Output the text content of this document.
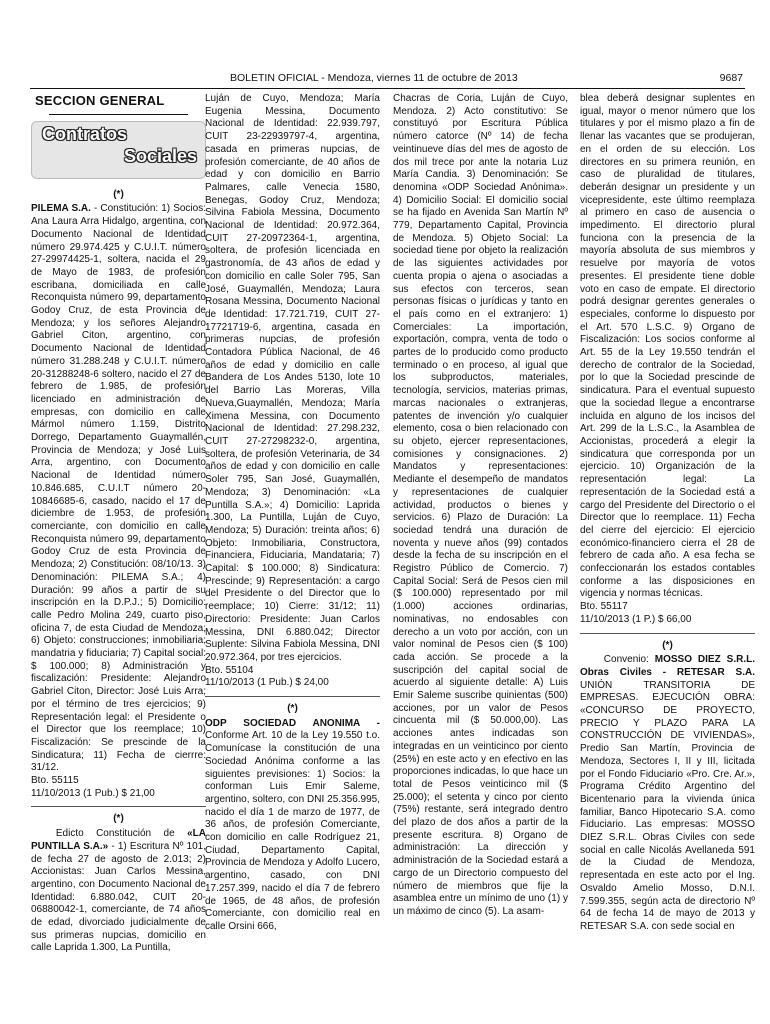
BOLETIN OFICIAL - Mendoza, viernes 11 de octubre de 2013	9687
SECCION GENERAL
Contratos
Sociales
(*)

PILEMA S.A. - Constitución: 1) Socios: Ana Laura Arra Hidalgo, argentina, con Documento Nacional de Identidad número 29.974.425 y C.U.I.T. número 27-29974425-1, soltera, nacida el 29 de Mayo de 1983, de profesión escribana, domiciliada en calle Reconquista número 99, departamento Godoy Cruz, de esta Provincia de Mendoza; y los señores Alejandro Gabriel Citon, argentino, con Documento Nacional de Identidad número 31.288.248 y C.U.I.T. número 20-31288248-6 soltero, nacido el 27 de febrero de 1.985, de profesión licenciado en administración de empresas, con domicilio en calle Mármol número 1.159, Distrito Dorrego, Departamento Guaymallén, Provincia de Mendoza; y José Luis Arra, argentino, con Documento Nacional de Identidad número 10.846.685, C.U.I.T número 20-10846685-6, casado, nacido el 17 de diciembre de 1.953, de profesión comerciante, con domicilio en calle Reconquista número 99, departamento Godoy Cruz de esta Provincia de Mendoza; 2) Constitución: 08/10/13. 3) Denominación: PILEMA S.A.; 4) Duración: 99 años a partir de su inscripción en la D.P.J.; 5) Domicilio: calle Pedro Molina 249, cuarto piso, oficina 7, de esta Ciudad de Mendoza; 6) Objeto: construcciones; inmobiliaria; mandatria y fiduciaria; 7) Capital social: $ 100.000; 8) Administración y fiscalización: Presidente: Alejandro Gabriel Citon, Director: José Luis Arra; por el término de tres ejercicios; 9) Representación legal: el Presidente o el Director que los reemplace; 10) Fiscalización: Se prescinde de la Sindicatura; 11) Fecha de cierrre: 31/12.

Bto. 55115

11/10/2013 (1 Pub.) $ 21,00

(*)

Edicto Constitución de «LA PUNTILLA S.A.» - 1) Escritura Nº 101, de fecha 27 de agosto de 2.013; 2) Accionistas: Juan Carlos Messina, argentino, con Documento Nacional de Identidad: 6.880.042, CUIT 20-06880042-1, comerciante, de 74 años de edad, divorciado judicialmente de sus primeras nupcias, domicilio en calle Laprida 1.300, La Puntilla,

Luján de Cuyo, Mendoza; María Eugenia Messina, Documento Nacional de Identidad: 22.939.797, CUIT 23-22939797-4, argentina, casada en primeras nupcias, de profesión comerciante, de 40 años de edad y con domicilio en Barrio Palmares, calle Venecia 1580, Benegas, Godoy Cruz, Mendoza; Silvina Fabiola Messina, Documento Nacional de Identidad: 20.972.364, CUIT 27-20972364-1, argentina, soltera, de profesión licenciada en gastronomía, de 43 años de edad y con domicilio en calle Soler 795, San José, Guaymallén, Mendoza; Laura Rosana Messina, Documento Nacional de Identidad: 17.721.719, CUIT 27-17721719-6, argentina, casada en primeras nupcias, de profesión Contadora Pública Nacional, de 46 años de edad y domicilio en calle Bandera de Los Andes 5130, lote 10 del Barrio Las Moreras, Villa Nueva,Guaymallén, Mendoza; María Ximena Messina, con Documento Nacional de Identidad: 27.298.232, CUIT 27-27298232-0, argentina, soltera, de profesión Veterinaria, de 34 años de edad y con domicilio en calle Soler 795, San José, Guaymallén, Mendoza; 3) Denominación: «La Puntilla S.A.»; 4) Domicilio: Laprida 1.300, La Puntilla, Luján de Cuyo, Mendoza; 5) Duración: treinta años; 6) Objeto: Inmobiliaria, Constructora, Financiera, Fiduciaria, Mandataria; 7) Capital: $ 100.000; 8) Sindicatura: Prescinde; 9) Representación: a cargo del Presidente o del Director que lo reemplace; 10) Cierre: 31/12; 11) Directorio: Presidente: Juan Carlos Messina, DNI 6.880.042; Director Suplente: Silvina Fabiola Messina, DNI 20.972.364, por tres ejercicios.

Bto. 55104

11/10/2013 (1 Pub.) $ 24,00

(*)

ODP SOCIEDAD ANONIMA - Conforme Art. 10 de la Ley 19.550 t.o. Comunícase la constitución de una Sociedad Anónima conforme a las siguientes previsiones: 1) Socios: la conforman Luis Emir Saleme, argentino, soltero, con DNI 25.356.995, nacido el día 1 de marzo de 1977, de 36 años, de profesión Comerciante, con domicilio en calle Rodríguez 21, Ciudad, Departamento Capital, Provincia de Mendoza y Adolfo Lucero, argentino, casado, con DNI 17.257.399, nacido el día 7 de febrero de 1965, de 48 años, de profesión Comerciante, con domicilio real en calle Orsini 666,

Chacras de Coria, Luján de Cuyo, Mendoza. 2) Acto constitutivo: Se constituyó por Escritura Pública número catorce (Nº 14) de fecha veintinueve días del mes de agosto de dos mil trece por ante la notaria Luz María Candia. 3) Denominación: Se denomina «ODP Sociedad Anónima». 4) Domicilio Social: El domicilio social se ha fijado en Avenida San Martín Nº 779, Departamento Capital, Provincia de Mendoza. 5) Objeto Social: La sociedad tiene por objeto la realización de las siguientes actividades por cuenta propia o ajena o asociadas a sus efectos con terceros, sean personas físicas o jurídicas y tanto en el país como en el extranjero: 1) Comerciales: La importación, exportación, compra, venta de todo o partes de lo producido como producto terminado o en proceso, al igual que los subproductos, materiales, tecnología, servicios, materias primas, marcas nacionales o extranjeras, patentes de invención y/o cualquier elemento, cosa o bien relacionado con su objeto, ejercer representaciones, comisiones y consignaciones. 2) Mandatos y representaciones: Mediante el desempeño de mandatos y representaciones de cualquier actividad, productos o bienes y servicios. 6) Plazo de Duración: La sociedad tendrá una duración de noventa y nueve años (99) contados desde la fecha de su inscripción en el Registro Público de Comercio. 7) Capital Social: Será de Pesos cien mil ($ 100.000) representado por mil (1.000) acciones ordinarias, nominativas, no endosables con derecho a un voto por acción, con un valor nominal de Pesos cien ($ 100) cada acción. Se procede a la suscripción del capital social de acuerdo al siguiente detalle: A) Luis Emir Saleme suscribe quinientas (500) acciones, por un valor de Pesos cincuenta mil ($ 50.000,00). Las acciones antes indicadas son integradas en un veinticinco por ciento (25%) en este acto y en efectivo en las proporciones indicadas, lo que hace un total de Pesos veinticinco mil ($ 25.000); el setenta y cinco por ciento (75%) restante, será integrado dentro del plazo de dos años a partir de la presente escritura. 8) Organo de administración: La dirección y administración de la Sociedad estará a cargo de un Directorio compuesto del número de miembros que fije la asamblea entre un mínimo de uno (1) y un máximo de cinco (5). La asam-

blea deberá designar suplentes en igual, mayor o menor número que los titulares y por el mismo plazo a fin de llenar las vacantes que se produjeran, en el orden de su elección. Los directores en su primera reunión, en caso de pluralidad de titulares, deberán designar un presidente y un vicepresidente, este último reemplaza al primero en caso de ausencia o impedimento. El directorio plural funciona con la presencia de la mayoría absoluta de sus miembros y resuelve por mayoría de votos presentes. El presidente tiene doble voto en caso de empate. El directorio podrá designar gerentes generales o especiales, conforme lo dispuesto por el Art. 570 L.S.C. 9) Organo de Fiscalización: Los socios conforme al Art. 55 de la Ley 19.550 tendrán el derecho de contralor de la Sociedad, por lo que la Sociedad prescinde de sindicatura. Para el eventual supuesto que la sociedad llegue a encontrarse incluida en alguno de los incisos del Art. 299 de la L.S.C., la Asamblea de Accionistas, procederá a elegir la sindicatura que corresponda por un ejercicio. 10) Organización de la representación legal: La representación de la Sociedad está a cargo del Presidente del Directorio o el Director que lo reemplace. 11) Fecha del cierre del ejercicio: El ejercicio económico-financiero cierra el 28 de febrero de cada año. A esa fecha se confeccionarán los estados contables conforme a las disposiciones en vigencia y normas técnicas.

Bto. 55117

11/10/2013 (1 P.) $ 66,00

(*)

Convenio: MOSSO DIEZ S.R.L. Obras Civiles - RETESAR S.A. UNIÓN TRANSITORIA DE EMPRESAS. EJECUCIÓN OBRA: «CONCURSO DE PROYECTO, PRECIO Y PLAZO PARA LA CONSTRUCCIÓN DE VIVIENDAS», Predio San Martín, Provincia de Mendoza, Sectores I, II y III, licitada por el Fondo Fiduciario «Pro. Cre. Ar.», Programa Crédito Argentino del Bicentenario para la vivienda única familiar, Banco Hipotecario S.A. como Fiduciario. Las empresas: MOSSO DIEZ S.R.L. Obras Civiles con sede social en calle Nicolás Avellaneda 591 de la Ciudad de Mendoza, representada en este acto por el Ing. Osvaldo Amelio Mosso, D.N.I. 7.599.355, según acta de directorio Nº 64 de fecha 14 de mayo de 2013 y RETESAR S.A. con sede social en
